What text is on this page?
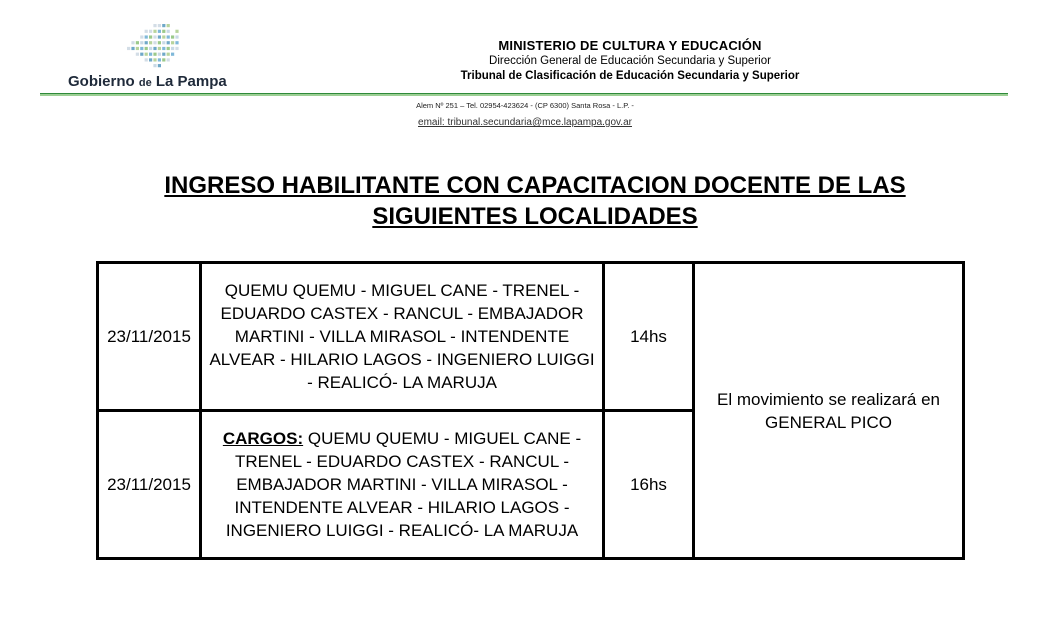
Gobierno de La Pampa
MINISTERIO DE CULTURA Y EDUCACIÓN
Dirección General de Educación Secundaria y Superior
Tribunal de Clasificación de Educación Secundaria y Superior
Alem Nº 251 – Tel. 02954-423624 - (CP 6300) Santa Rosa - L.P. -
email: tribunal.secundaria@mce.lapampa.gov.ar
INGRESO HABILITANTE CON CAPACITACION DOCENTE DE LAS
SIGUIENTES LOCALIDADES
23/11/2015	QUEMU QUEMU - MIGUEL CANE - TRENEL - EDUARDO CASTEX - RANCUL - EMBAJADOR MARTINI - VILLA MIRASOL - INTENDENTE ALVEAR - HILARIO LAGOS - INGENIERO LUIGGI - REALICÓ- LA MARUJA	14hs	El movimiento se realizará en GENERAL PICO
23/11/2015	CARGOS: QUEMU QUEMU - MIGUEL CANE - TRENEL - EDUARDO CASTEX - RANCUL - EMBAJADOR MARTINI - VILLA MIRASOL - INTENDENTE ALVEAR - HILARIO LAGOS - INGENIERO LUIGGI - REALICÓ- LA MARUJA	16hs	
